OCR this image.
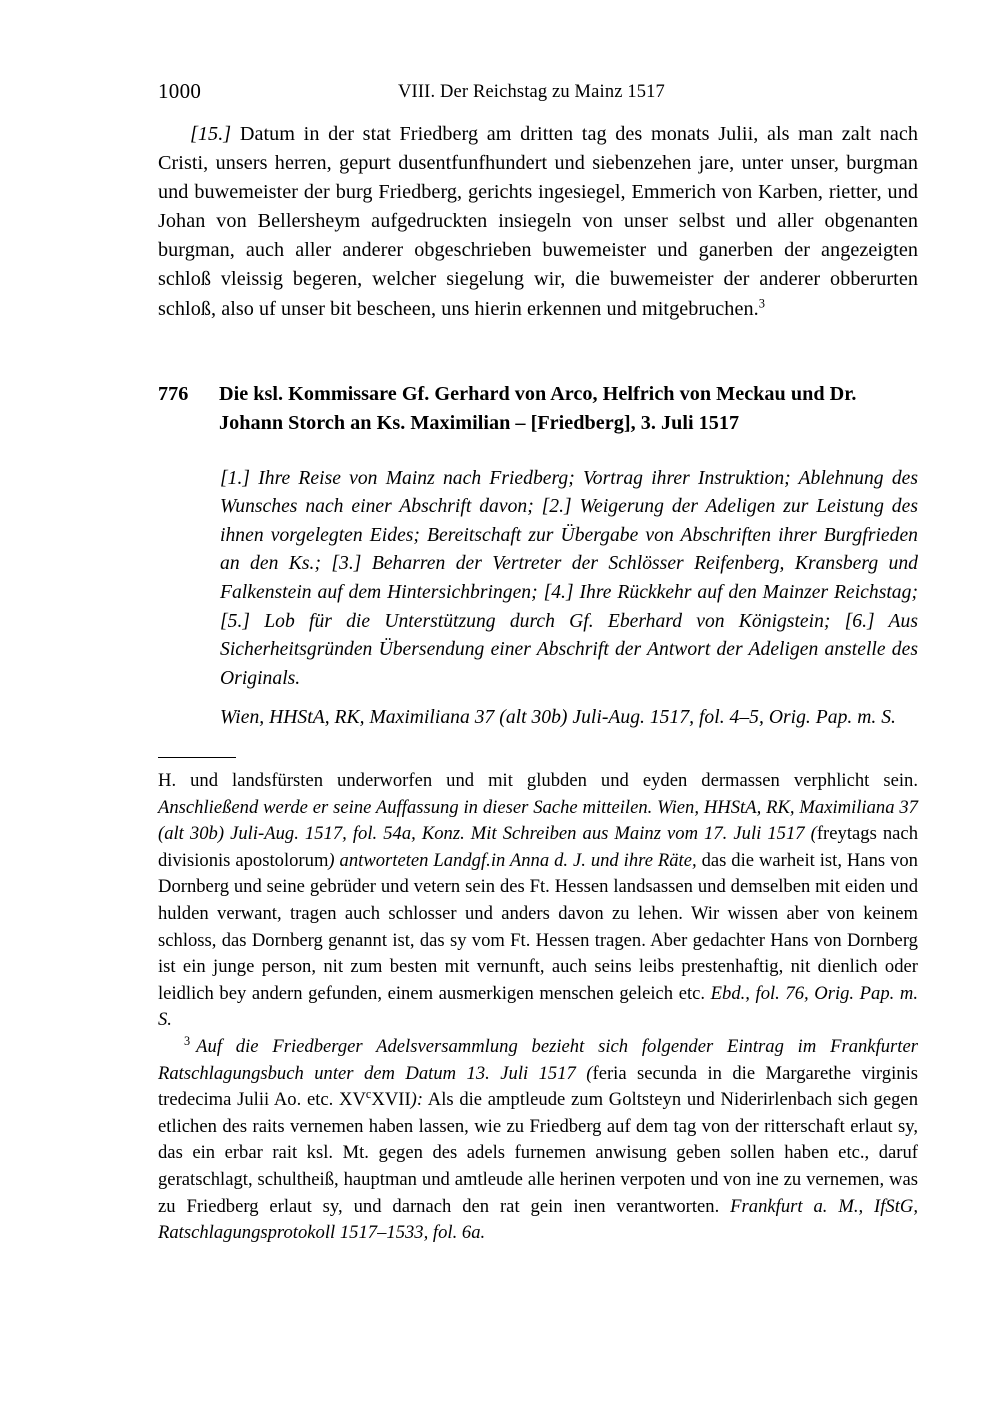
1000	VIII. Der Reichstag zu Mainz 1517

[15.] Datum in der stat Friedberg am dritten tag des monats Julii, als man zalt nach Cristi, unsers herren, gepurt dusentfunfhundert und siebenzehen jare, unter unser, burgman und buwemeister der burg Friedberg, gerichts ingesiegel, Emmerich von Karben, rietter, und Johan von Bellersheym aufgedruckten insiegeln von unser selbst und aller obgenanten burgman, auch aller anderer obgeschrieben buwemeister und ganerben der angezeigten schloß vleissig begeren, welcher siegelung wir, die buwemeister der anderer obberurten schloß, also uf unser bit bescheen, uns hierin erkennen und mitgebruchen.$^3$

776 Die ksl. Kommissare Gf. Gerhard von Arco, Helfrich von Meckau und Dr. Johann Storch an Ks. Maximilian – [Friedberg], 3. Juli 1517

[1.] Ihre Reise von Mainz nach Friedberg; Vortrag ihrer Instruktion; Ablehnung des Wunsches nach einer Abschrift davon; [2.] Weigerung der Adeligen zur Leistung des ihnen vorgelegten Eides; Bereitschaft zur Übergabe von Abschriften ihrer Burgfrieden an den Ks.; [3.] Beharren der Vertreter der Schlösser Reifenberg, Kransberg und Falkenstein auf dem Hintersichbringen; [4.] Ihre Rückkehr auf den Mainzer Reichstag; [5.] Lob für die Unterstützung durch Gf. Eberhard von Königstein; [6.] Aus Sicherheitsgründen Übersendung einer Abschrift der Antwort der Adeligen anstelle des Originals.

Wien, HHStA, RK, Maximiliana 37 (alt 30b) Juli-Aug. 1517, fol. 4–5, Orig. Pap. m. S.

H. und landsfürsten underworfen und mit glubden und eyden dermassen verphlicht sein. Anschließend werde er seine Auffassung in dieser Sache mitteilen. Wien, HHStA, RK, Maximiliana 37 (alt 30b) Juli-Aug. 1517, fol. 54a, Konz. Mit Schreiben aus Mainz vom 17. Juli 1517 (freytags nach divisionis apostolorum) antworteten Landgf.in Anna d. J. und ihre Räte, das die warheit ist, Hans von Dornberg und seine gebrüder und vetern sein des Ft. Hessen landsassen und demselben mit eiden und hulden verwant, tragen auch schlosser und anders davon zu lehen. Wir wissen aber von keinem schloss, das Dornberg genannt ist, das sy vom Ft. Hessen tragen. Aber gedachter Hans von Dornberg ist ein junge person, nit zum besten mit vernunft, auch seins leibs prestenhaftig, nit dienlich oder leidlich bey andern gefunden, einem ausmerkigen menschen geleich etc. Ebd., fol. 76, Orig. Pap. m. S.

$^3$ Auf die Friedberger Adelsversammlung bezieht sich folgender Eintrag im Frankfurter Ratschlagungsbuch unter dem Datum 13. Juli 1517 (feria secunda in die Margarethe virginis tredecima Julii Ao. etc. $XV^cXVII$): Als die amptleude zum Goltsteyn und Niderirlenbach sich gegen etlichen des raits vernemen haben lassen, wie zu Friedberg auf dem tag von der ritterschaft erlaut sy, das ein erbar rait ksl. Mt. gegen des adels furnemen anwisung geben sollen haben etc., daruf geratschlagt, schultheiß, hauptman und amtleude alle herinen verpoten und von ine zu vernemen, was zu Friedberg erlaut sy, und darnach den rat gein inen verantworten. Frankfurt a. M., IfStG, Ratschlagungsprotokoll 1517–1533, fol. 6a.
